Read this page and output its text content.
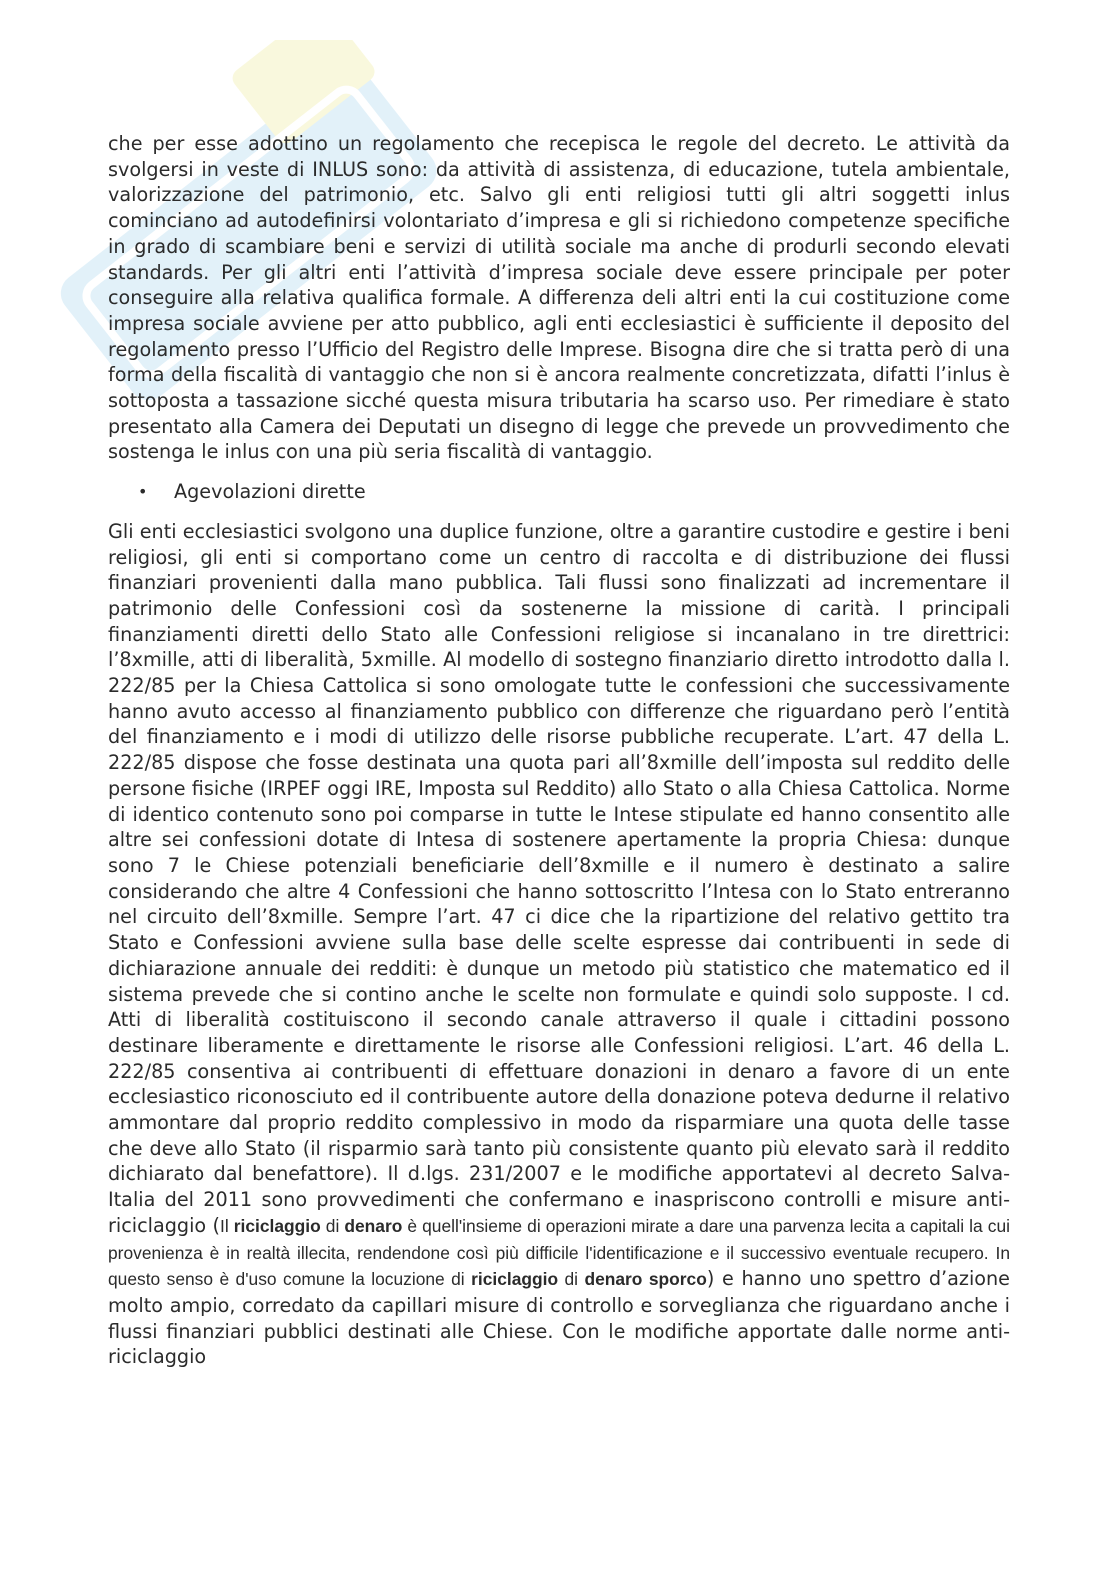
che per esse adottino un regolamento che recepisca le regole del decreto. Le attività da svolgersi in veste di INLUS sono: da attività di assistenza, di educazione, tutela ambientale, valorizzazione del patrimonio, etc. Salvo gli enti religiosi tutti gli altri soggetti inlus cominciano ad autodefinirsi volontariato d’impresa e gli si richiedono competenze specifiche in grado di scambiare beni e servizi di utilità sociale ma anche di produrli secondo elevati standards. Per gli altri enti l’attività d’impresa sociale deve essere principale per poter conseguire alla relativa qualifica formale. A differenza deli altri enti la cui costituzione come impresa sociale avviene per atto pubblico, agli enti ecclesiastici è sufficiente il deposito del regolamento presso l’Ufficio del Registro delle Imprese. Bisogna dire che si tratta però di una forma della fiscalità di vantaggio che non si è ancora realmente concretizzata, difatti l’inlus è sottoposta a tassazione sicché questa misura tributaria ha scarso uso. Per rimediare è stato presentato alla Camera dei Deputati un disegno di legge che prevede un provvedimento che sostenga le inlus con una più seria fiscalità di vantaggio.

•	Agevolazioni dirette

Gli enti ecclesiastici svolgono una duplice funzione, oltre a garantire custodire e gestire i beni religiosi, gli enti si comportano come un centro di raccolta e di distribuzione dei flussi finanziari provenienti dalla mano pubblica. Tali flussi sono finalizzati ad incrementare il patrimonio delle Confessioni così da sostenerne la missione di carità. I principali finanziamenti diretti dello Stato alle Confessioni religiose si incanalano in tre direttrici: l’8xmille, atti di liberalità, 5xmille. Al modello di sostegno finanziario diretto introdotto dalla l. 222/85 per la Chiesa Cattolica si sono omologate tutte le confessioni che successivamente hanno avuto accesso al finanziamento pubblico con differenze che riguardano però l’entità del finanziamento e i modi di utilizzo delle risorse pubbliche recuperate. L’art. 47 della L. 222/85 dispose che fosse destinata una quota pari all’8xmille dell’imposta sul reddito delle persone fisiche (IRPEF oggi IRE, Imposta sul Reddito) allo Stato o alla Chiesa Cattolica. Norme di identico contenuto sono poi comparse in tutte le Intese stipulate ed hanno consentito alle altre sei confessioni dotate di Intesa di sostenere apertamente la propria Chiesa: dunque sono 7 le Chiese potenziali beneficiarie dell’8xmille e il numero è destinato a salire considerando che altre 4 Confessioni che hanno sottoscritto l’Intesa con lo Stato entreranno nel circuito dell’8xmille. Sempre l’art. 47 ci dice che la ripartizione del relativo gettito tra Stato e Confessioni avviene sulla base delle scelte espresse dai contribuenti in sede di dichiarazione annuale dei redditi: è dunque un metodo più statistico che matematico ed il sistema prevede che si contino anche le scelte non formulate e quindi solo supposte. I cd. Atti di liberalità costituiscono il secondo canale attraverso il quale i cittadini possono destinare liberamente e direttamente le risorse alle Confessioni religiosi. L’art. 46 della L. 222/85 consentiva ai contribuenti di effettuare donazioni in denaro a favore di un ente ecclesiastico riconosciuto ed il contribuente autore della donazione poteva dedurne il relativo ammontare dal proprio reddito complessivo in modo da risparmiare una quota delle tasse che deve allo Stato (il risparmio sarà tanto più consistente quanto più elevato sarà il reddito dichiarato dal benefattore). Il d.lgs. 231/2007 e le modifiche apportatevi al decreto Salva-Italia del 2011 sono provvedimenti che confermano e inaspriscono controlli e misure anti-riciclaggio (Il riciclaggio di denaro è quell'insieme di operazioni mirate a dare una parvenza lecita a capitali la cui provenienza è in realtà illecita, rendendone così più difficile l'identificazione e il successivo eventuale recupero. In questo senso è d'uso comune la locuzione di riciclaggio di denaro sporco) e hanno uno spettro d’azione molto ampio, corredato da capillari misure di controllo e sorveglianza che riguardano anche i flussi finanziari pubblici destinati alle Chiese. Con le modifiche apportate dalle norme anti-riciclaggio
